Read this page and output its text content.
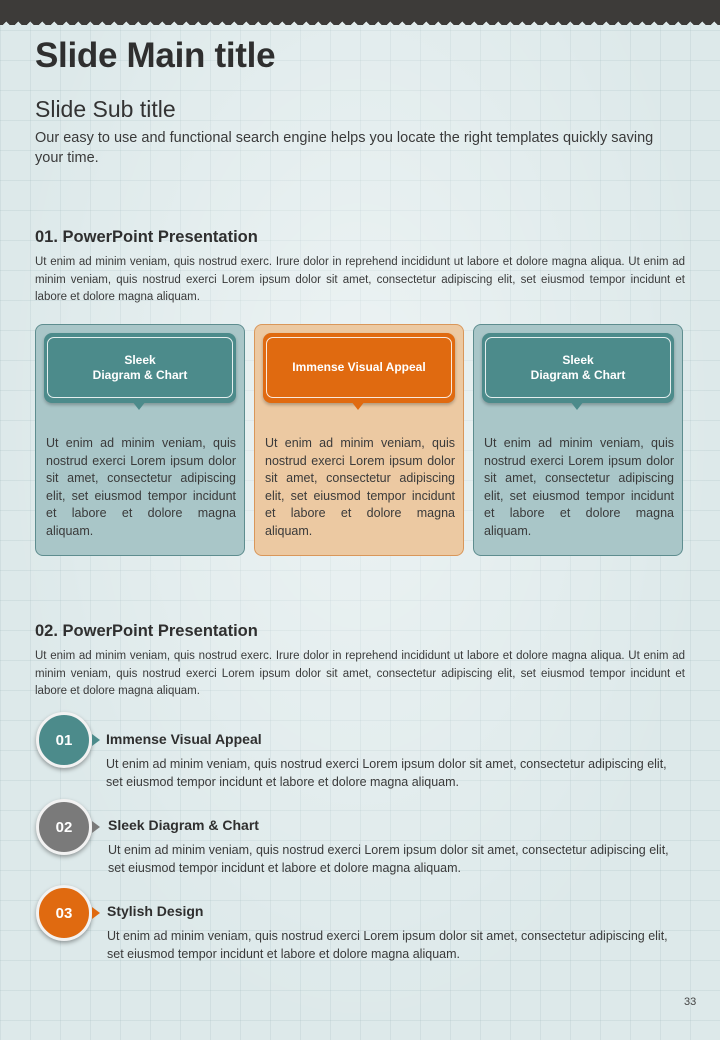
Slide Main title
Slide Sub title

Our easy to use and functional search engine helps you locate the right templates quickly saving your time.

01. PowerPoint Presentation

Ut enim ad minim veniam, quis nostrud exerc. Irure dolor in reprehend incididunt ut labore et dolore magna aliqua. Ut enim ad minim veniam, quis nostrud exerci Lorem ipsum dolor sit amet, consectetur adipiscing elit, set eiusmod tempor incidunt et labore et dolore magna aliquam.

Sleek
Diagram & Chart

Ut enim ad minim veniam, quis nostrud exerci Lorem ipsum dolor sit amet, consectetur adipiscing elit, set eiusmod tempor incidunt et labore et dolore magna aliquam.

Immense Visual Appeal

Ut enim ad minim veniam, quis nostrud exerci Lorem ipsum dolor sit amet, consectetur adipiscing elit, set eiusmod tempor incidunt et labore et dolore magna aliquam.

Sleek
Diagram & Chart

Ut enim ad minim veniam, quis nostrud exerci Lorem ipsum dolor sit amet, consectetur adipiscing elit, set eiusmod tempor incidunt et labore et dolore magna aliquam.

02. PowerPoint Presentation

Ut enim ad minim veniam, quis nostrud exerc. Irure dolor in reprehend incididunt ut labore et dolore magna aliqua. Ut enim ad minim veniam, quis nostrud exerci Lorem ipsum dolor sit amet, consectetur adipiscing elit, set eiusmod tempor incidunt et labore et dolore magna aliquam.

01	Immense Visual Appeal

Ut enim ad minim veniam, quis nostrud exerci Lorem ipsum dolor sit amet, consectetur adipiscing elit, set eiusmod tempor incidunt et labore et dolore magna aliquam.

02	Sleek Diagram & Chart

Ut enim ad minim veniam, quis nostrud exerci Lorem ipsum dolor sit amet, consectetur adipiscing elit, set eiusmod tempor incidunt et labore et dolore magna aliquam.

03	Stylish Design

Ut enim ad minim veniam, quis nostrud exerci Lorem ipsum dolor sit amet, consectetur adipiscing elit, set eiusmod tempor incidunt et labore et dolore magna aliquam.

33
